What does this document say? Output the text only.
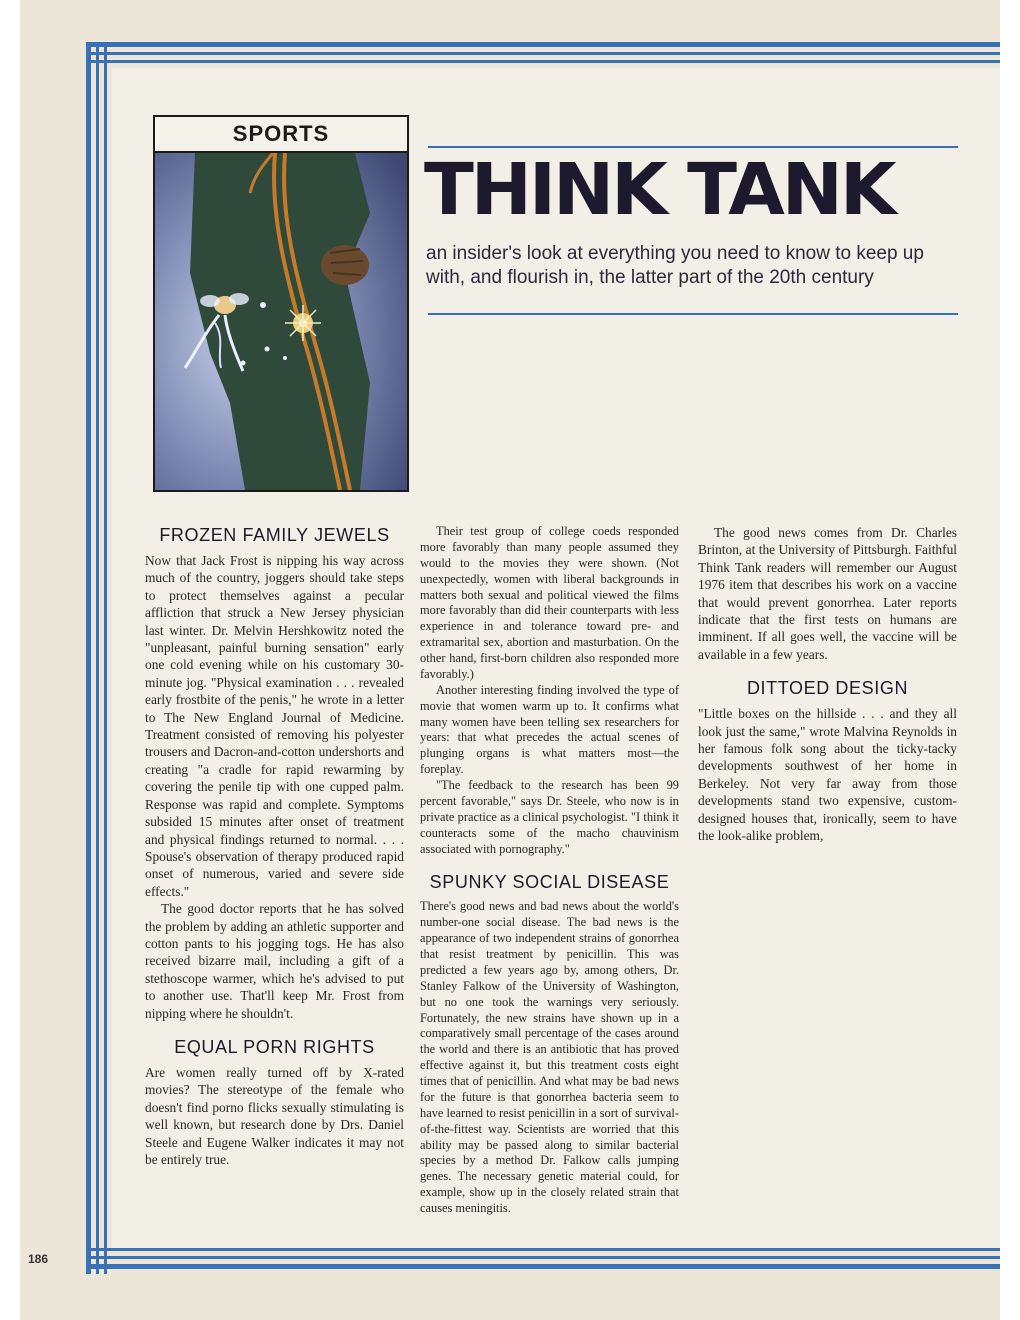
SPORTS
THINK TANK
an insider's look at everything you need to know to keep up with, and flourish in, the latter part of the 20th century
FROZEN FAMILY JEWELS

Now that Jack Frost is nipping his way across much of the country, joggers should take steps to protect themselves against a pecular affliction that struck a New Jersey physician last winter. Dr. Melvin Hershkowitz noted the "unpleasant, painful burning sensation" early one cold evening while on his customary 30-minute jog. "Physical examination . . . revealed early frostbite of the penis," he wrote in a letter to The New England Journal of Medicine. Treatment consisted of removing his polyester trousers and Dacron-and-cotton undershorts and creating "a cradle for rapid rewarming by covering the penile tip with one cupped palm. Response was rapid and complete. Symptoms subsided 15 minutes after onset of treatment and physical findings returned to normal. . . . Spouse's observation of therapy produced rapid onset of numerous, varied and severe side effects."

The good doctor reports that he has solved the problem by adding an athletic supporter and cotton pants to his jogging togs. He has also received bizarre mail, including a gift of a stethoscope warmer, which he's advised to put to another use. That'll keep Mr. Frost from nipping where he shouldn't.

EQUAL PORN RIGHTS

Are women really turned off by X-rated movies? The stereotype of the female who doesn't find porno flicks sexually stimulating is well known, but research done by Drs. Daniel Steele and Eugene Walker indicates it may not be entirely true.

Their test group of college coeds responded more favorably than many people assumed they would to the movies they were shown. (Not unexpectedly, women with liberal backgrounds in matters both sexual and political viewed the films more favorably than did their counterparts with less experience in and tolerance toward pre- and extramarital sex, abortion and masturbation. On the other hand, first-born children also responded more favorably.)

Another interesting finding involved the type of movie that women warm up to. It confirms what many women have been telling sex researchers for years: that what precedes the actual scenes of plunging organs is what matters most—the foreplay.

"The feedback to the research has been 99 percent favorable," says Dr. Steele, who now is in private practice as a clinical psychologist. "I think it counteracts some of the macho chauvinism associated with pornography."

SPUNKY SOCIAL DISEASE

There's good news and bad news about the world's number-one social disease. The bad news is the appearance of two independent strains of gonorrhea that resist treatment by penicillin. This was predicted a few years ago by, among others, Dr. Stanley Falkow of the University of Washington, but no one took the warnings very seriously. Fortunately, the new strains have shown up in a comparatively small percentage of the cases around the world and there is an antibiotic that has proved effective against it, but this treatment costs eight times that of penicillin. And what may be bad news for the future is that gonorrhea bacteria seem to have learned to resist penicillin in a sort of survival-of-the-fittest way. Scientists are worried that this ability may be passed along to similar bacterial species by a method Dr. Falkow calls jumping genes. The necessary genetic material could, for example, show up in the closely related strain that causes meningitis.

The good news comes from Dr. Charles Brinton, at the University of Pittsburgh. Faithful Think Tank readers will remember our August 1976 item that describes his work on a vaccine that would prevent gonorrhea. Later reports indicate that the first tests on humans are imminent. If all goes well, the vaccine will be available in a few years.

DITTOED DESIGN

"Little boxes on the hillside . . . and they all look just the same," wrote Malvina Reynolds in her famous folk song about the ticky-tacky developments southwest of her home in Berkeley. Not very far away from those developments stand two expensive, custom-designed houses that, ironically, seem to have the look-alike problem,

186
